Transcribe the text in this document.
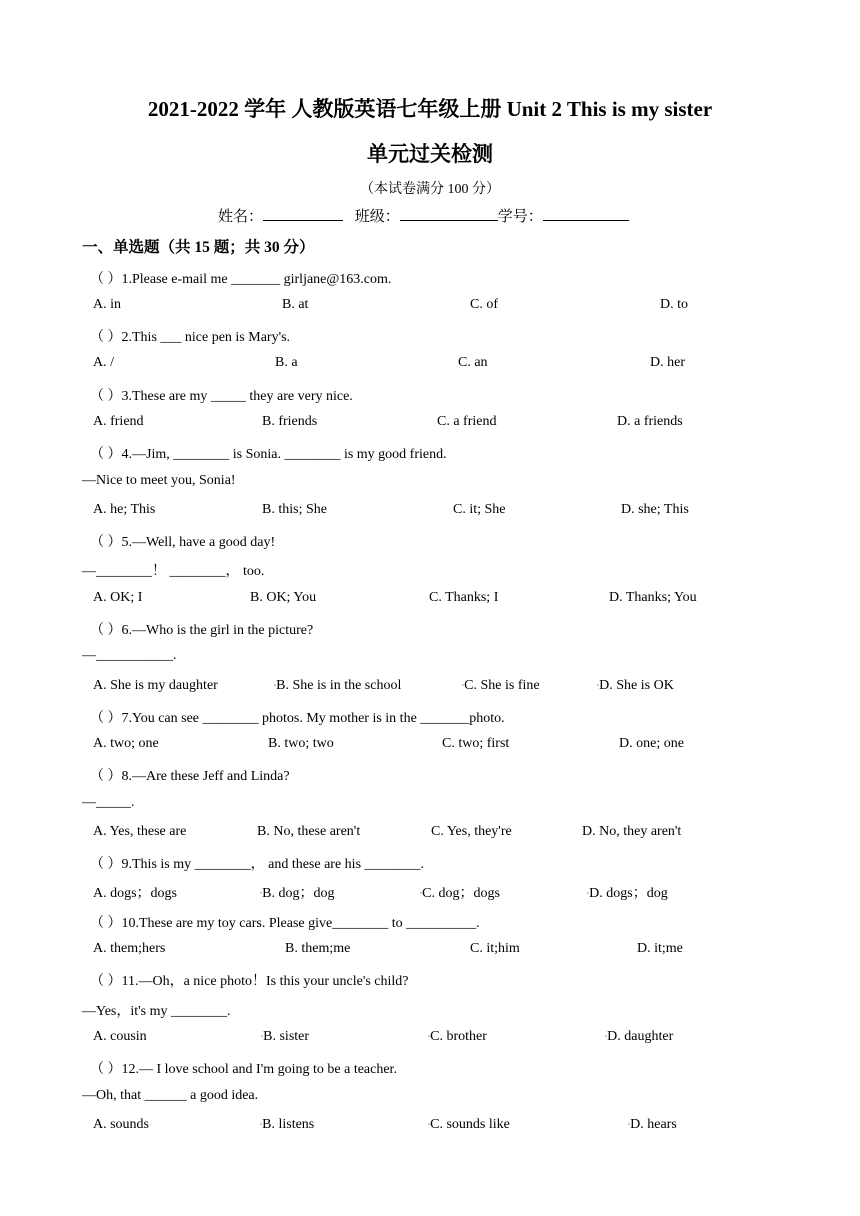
2021-2022 学年 人教版英语七年级上册 Unit 2 This is my sister
单元过关检测
（本试卷满分 100 分）
姓名：	班级：	学号：
一、单选题（共 15 题；共 30 分）
（ ）1.Please e-mail me _______ girljane@163.com.
A. in	B. at	C. of	D. to
（ ）2.This ___ nice pen is Mary's.
A. /	B. a	C. an	D. her
（ ）3.These are my _____ they are very nice.
A. friend	B. friends	C. a friend	D. a friends
（ ）4.—Jim, ________ is Sonia. ________ is my good friend.
—Nice to meet you, Sonia!
A. he; This	B. this; She	C. it; She	D. she; This
（ ）5.—Well, have a good day!
—________！ ________， too.
A. OK; I	B. OK; You	C. Thanks; I	D. Thanks; You
（ ）6.—Who is the girl in the picture?
—___________.
A. She is my daughter	▫B. She is in the school	▫C. She is fine	▫D. She is OK
（ ）7.You can see ________ photos. My mother is in the _______photo.
A. two; one	B. two; two	C. two; first	D. one; one
（ ）8.—Are these Jeff and Linda?
—_____.
A. Yes, these are	B. No, these aren't	C. Yes, they're	D. No, they aren't
（ ）9.This is my ________， and these are his ________.
A. dogs；dogs	▫B. dog；dog	▫C. dog；dogs	▫D. dogs；dog
（ ）10.These are my toy cars. Please give________ to __________.
A. them;hers	B. them;me	C. it;him	D. it;me
（ ）11.—Oh，a nice photo！Is this your uncle's child?
—Yes，it's my ________.
A. cousin	▫B. sister	▫C. brother	▫D. daughter
（ ）12.— I love school and I'm going to be a teacher.
—Oh, that ______ a good idea.
A. sounds	▫B. listens	▫C. sounds like	▫D. hears
